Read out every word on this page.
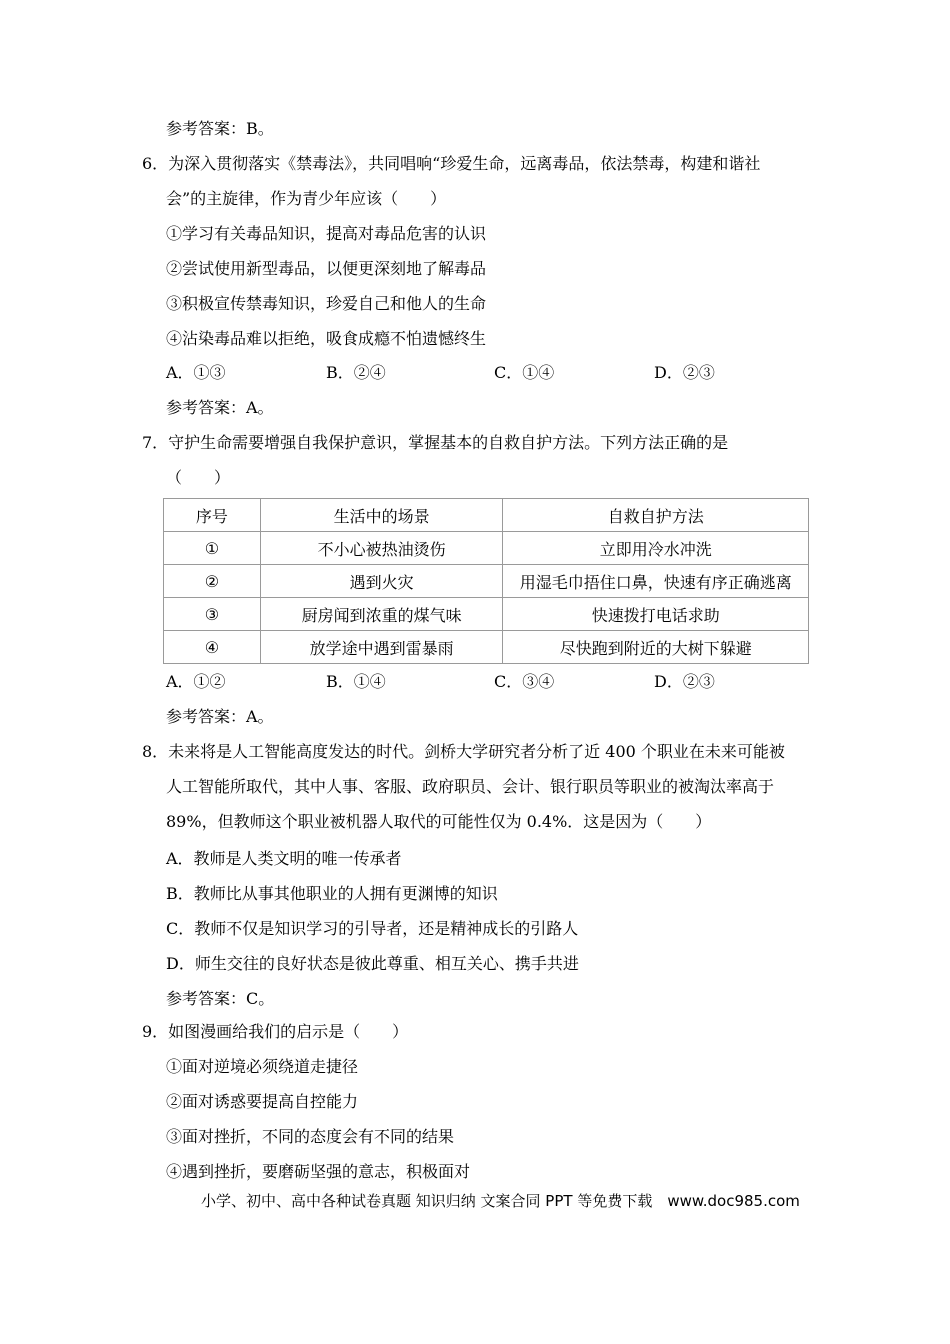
参考答案：B。
6．为深入贯彻落实《禁毒法》，共同唱响“珍爱生命，远离毒品，依法禁毒，构建和谐社
会”的主旋律，作为青少年应该（　　）
①学习有关毒品知识，提高对毒品危害的认识
②尝试使用新型毒品，以便更深刻地了解毒品
③积极宣传禁毒知识，珍爱自己和他人的生命
④沾染毒品难以拒绝，吸食成瘾不怕遗憾终生
A．①③	B．②④	C．①④	D．②③
参考答案：A。
7．守护生命需要增强自我保护意识，掌握基本的自救自护方法。下列方法正确的是
（　　）
序号	生活中的场景	自救自护方法
①	不小心被热油烫伤	立即用冷水冲洗
②	遇到火灾	用湿毛巾捂住口鼻，快速有序正确逃离
③	厨房闻到浓重的煤气味	快速拨打电话求助
④	放学途中遇到雷暴雨	尽快跑到附近的大树下躲避
A．①②	B．①④	C．③④	D．②③
参考答案：A。
8．未来将是人工智能高度发达的时代。剑桥大学研究者分析了近 400 个职业在未来可能被
人工智能所取代，其中人事、客服、政府职员、会计、银行职员等职业的被淘汰率高于
89%，但教师这个职业被机器人取代的可能性仅为 0.4%．这是因为（　　）
A．教师是人类文明的唯一传承者
B．教师比从事其他职业的人拥有更渊博的知识
C．教师不仅是知识学习的引导者，还是精神成长的引路人
D．师生交往的良好状态是彼此尊重、相互关心、携手共进
参考答案：C。
9．如图漫画给我们的启示是（　　）
①面对逆境必须绕道走捷径
②面对诱惑要提高自控能力
③面对挫折，不同的态度会有不同的结果
④遇到挫折，要磨砺坚强的意志，积极面对
小学、初中、高中各种试卷真题 知识归纳 文案合同 PPT 等免费下载　www.doc985.com
